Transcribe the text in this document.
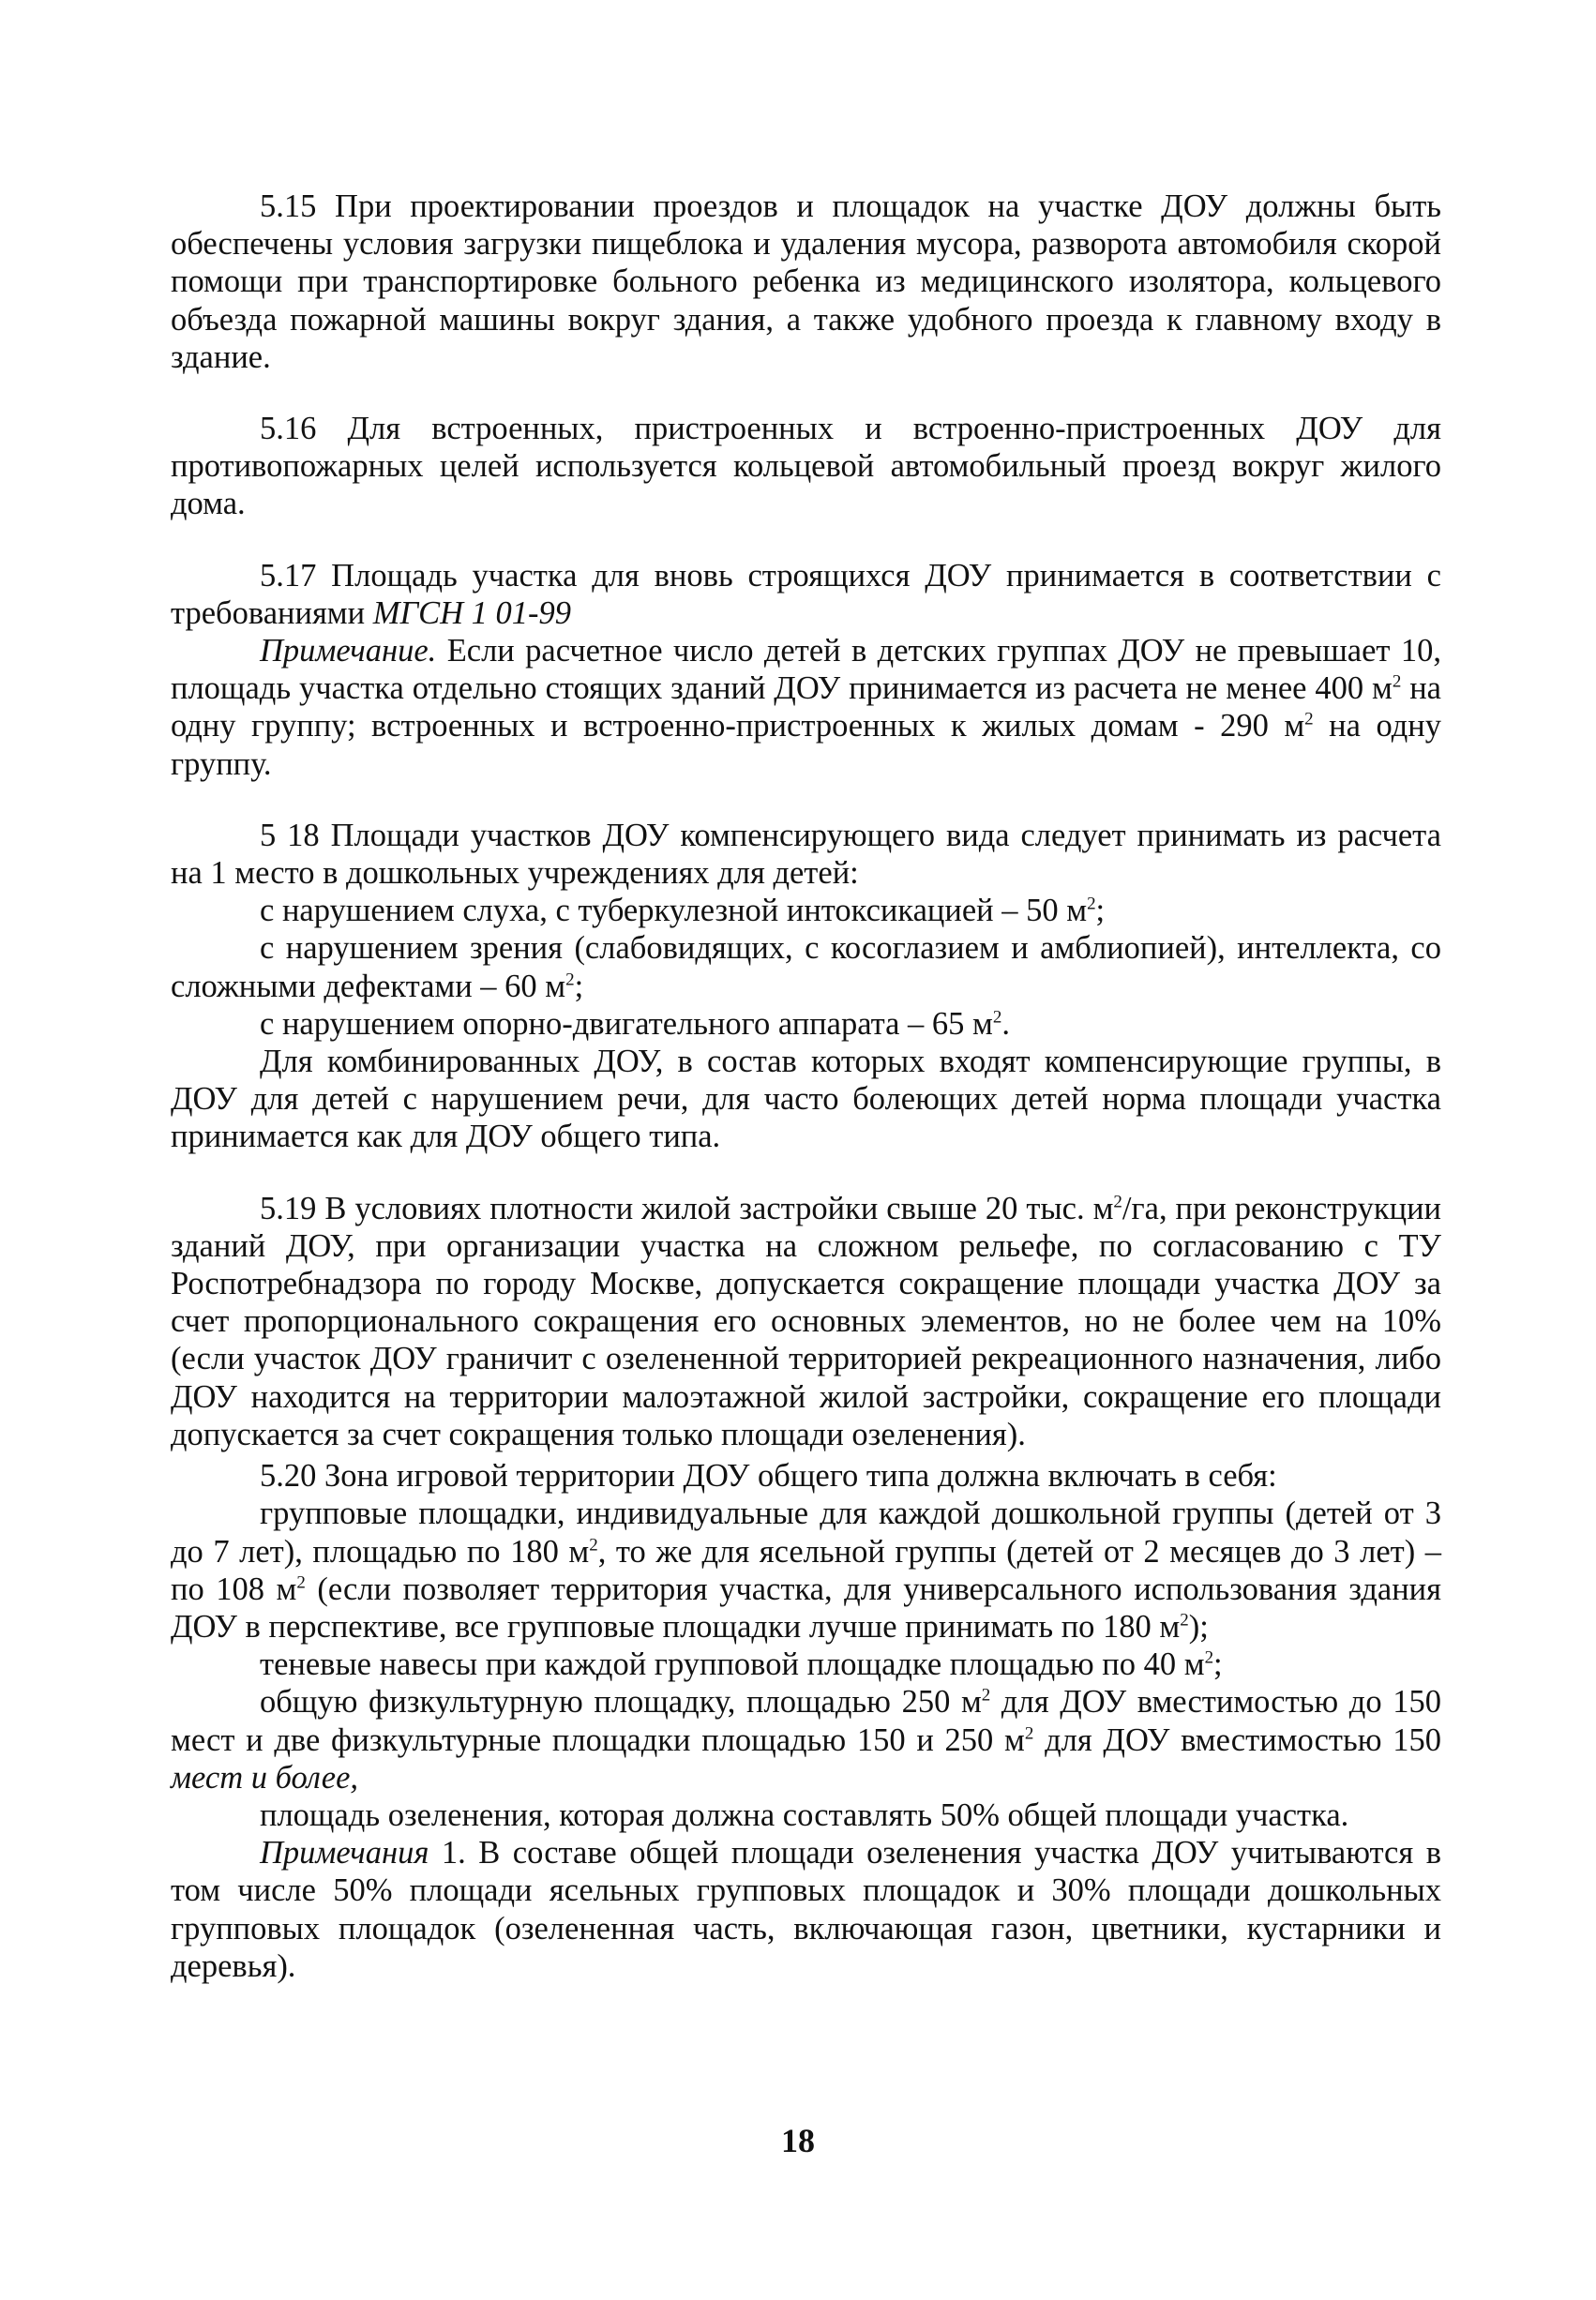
5.15 При проектировании проездов и площадок на участке ДОУ должны быть обеспечены условия загрузки пищеблока и удаления мусора, разворота автомобиля скорой помощи при транспортировке больного ребенка из медицинского изолятора, кольцевого объезда пожарной машины вокруг здания, а также удобного проезда к главному входу в здание.

5.16 Для встроенных, пристроенных и встроенно-пристроенных ДОУ для противопожарных целей используется кольцевой автомобильный проезд вокруг жилого дома.

5.17 Площадь участка для вновь строящихся ДОУ принимается в соответствии с требованиями МГСН 1 01-99

Примечание. Если расчетное число детей в детских группах ДОУ не превышает 10, площадь участка отдельно стоящих зданий ДОУ принимается из расчета не менее 400 $м^2$ на одну группу; встроенных и встроенно-пристроенных к жилых домам - 290 $м^2$ на одну группу.

5 18 Площади участков ДОУ компенсирующего вида следует принимать из расчета на 1 место в дошкольных учреждениях для детей:

с нарушением слуха, с туберкулезной интоксикацией – 50 $м^2$;

с нарушением зрения (слабовидящих, с косоглазием и амблиопией), интеллекта, со сложными дефектами – 60 $м^2$;

с нарушением опорно-двигательного аппарата – 65 $м^2$.

Для комбинированных ДОУ, в состав которых входят компенсирующие группы, в ДОУ для детей с нарушением речи, для часто болеющих детей норма площади участка принимается как для ДОУ общего типа.

5.19 В условиях плотности жилой застройки свыше 20 тыс. $м^2/га$, при реконструкции зданий ДОУ, при организации участка на сложном рельефе, по согласованию с ТУ Роспотребнадзора по городу Москве, допускается сокращение площади участка ДОУ за счет пропорционального сокращения его основных элементов, но не более чем на 10% (если участок ДОУ граничит с озелененной территорией рекреационного назначения, либо ДОУ находится на территории малоэтажной жилой застройки, сокращение его площади допускается за счет сокращения только площади озеленения).

5.20 Зона игровой территории ДОУ общего типа должна включать в себя:

групповые площадки, индивидуальные для каждой дошкольной группы (детей от 3 до 7 лет), площадью по 180 $м^2$, то же для ясельной группы (детей от 2 месяцев до 3 лет) – по 108 $м^2$ (если позволяет территория участка, для универсального использования здания ДОУ в перспективе, все групповые площадки лучше принимать по 180 $м^2$);

теневые навесы при каждой групповой площадке площадью по 40 $м^2$;

общую физкультурную площадку, площадью 250 $м^2$ для ДОУ вместимостью до 150 мест и две физкультурные площадки площадью 150 и 250 $м^2$ для ДОУ вместимостью 150 мест и более,

площадь озеленения, которая должна составлять 50% общей площади участка.

Примечания 1. В составе общей площади озеленения участка ДОУ учитываются в том числе 50% площади ясельных групповых площадок и 30% площади дошкольных групповых площадок (озелененная часть, включающая газон, цветники, кустарники и деревья).

18
